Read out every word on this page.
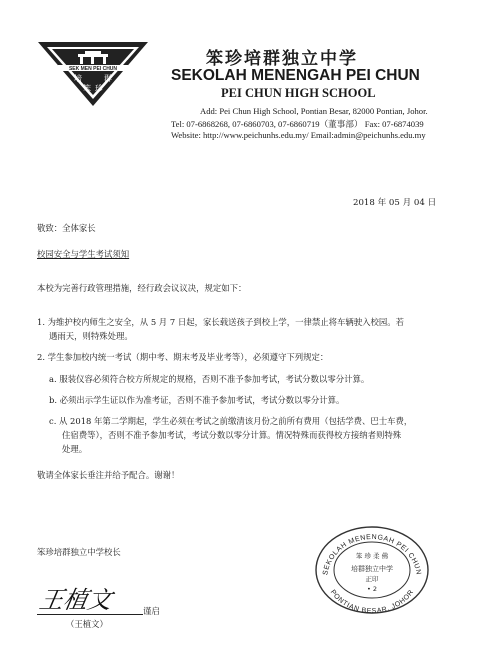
SEK MEN PEI CHUN
培	群
笨 珍
笨珍培群独立中学
SEKOLAH MENENGAH PEI CHUN
PEI CHUN HIGH SCHOOL
Add: Pei Chun High School, Pontian Besar, 82000 Pontian, Johor.
Tel: 07-6868268, 07-6860703, 07-6860719（董事部） Fax: 07-6874039
Website: http://www.peichunhs.edu.my/ Email:admin@peichunhs.edu.my
2018 年 05 月 04 日
敬致：全体家长
校园安全与学生考试须知
本校为完善行政管理措施，经行政会议议决，规定如下：
1. 为维护校内师生之安全，从 5 月 7 日起，家长载送孩子到校上学，一律禁止将车辆驶入校园。若
遇雨天，则特殊处理。
2. 学生参加校内统一考试（期中考、期末考及毕业考等），必须遵守下列规定：
a. 服装仪容必须符合校方所规定的规格，否则不准予参加考试，考试分数以零分计算。
b. 必须出示学生证以作为准考证，否则不准予参加考试，考试分数以零分计算。
c. 从 2018 年第二学期起，学生必须在考试之前缴清该月份之前所有费用（包括学费、巴士车费，
住宿费等），否则不准予参加考试，考试分数以零分计算。情况特殊而获得校方接纳者则特殊
处理。
敬请全体家长垂注并给予配合。谢谢！
笨珍培群独立中学校长
王植文	谨启
（王植文）
SEKOLAH MENENGAH PEI CHUN
PONTIAN BESAR, JOHOR
笨 珍 柔 佛
培群独立中学
正印
• 2
